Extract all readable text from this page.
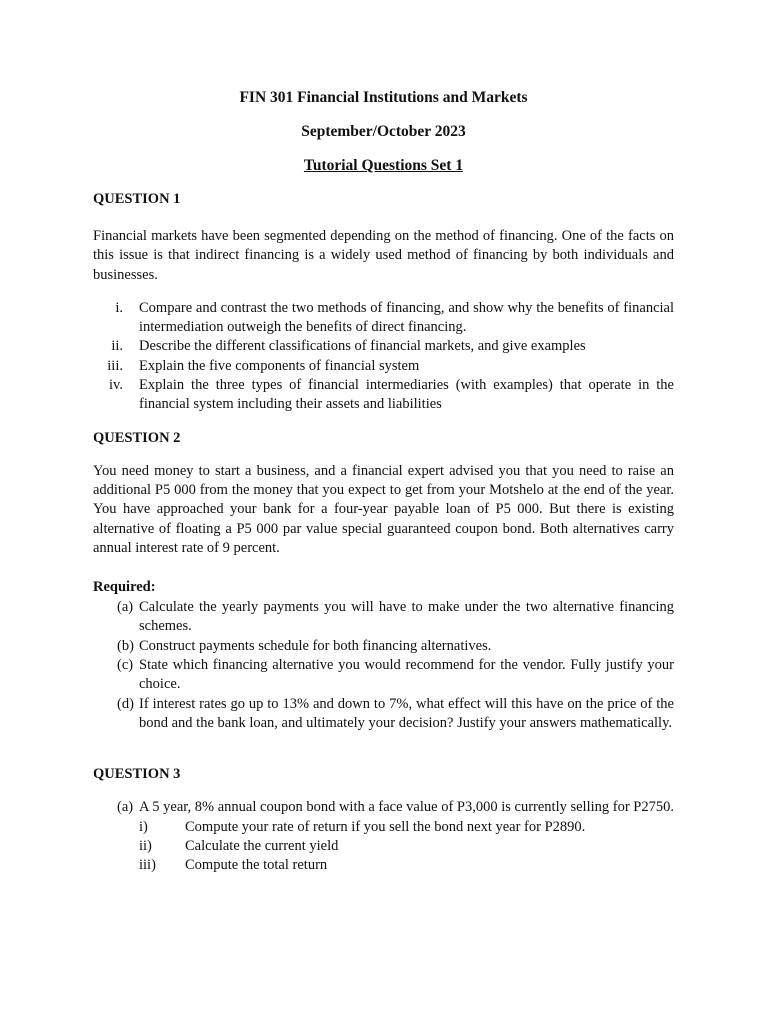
FIN 301 Financial Institutions and Markets

September/October 2023

Tutorial Questions Set 1

QUESTION 1

Financial markets have been segmented depending on the method of financing. One of the facts on this issue is that indirect financing is a widely used method of financing by both individuals and businesses.

i. Compare and contrast the two methods of financing, and show why the benefits of financial intermediation outweigh the benefits of direct financing.
ii. Describe the different classifications of financial markets, and give examples
iii. Explain the five components of financial system
iv. Explain the three types of financial intermediaries (with examples) that operate in the financial system including their assets and liabilities

QUESTION 2

You need money to start a business, and a financial expert advised you that you need to raise an additional P5 000 from the money that you expect to get from your Motshelo at the end of the year. You have approached your bank for a four-year payable loan of P5 000. But there is existing alternative of floating a P5 000 par value special guaranteed coupon bond. Both alternatives carry annual interest rate of 9 percent.

Required:

(a) Calculate the yearly payments you will have to make under the two alternative financing schemes.
(b) Construct payments schedule for both financing alternatives.
(c) State which financing alternative you would recommend for the vendor. Fully justify your choice.
(d) If interest rates go up to 13% and down to 7%, what effect will this have on the price of the bond and the bank loan, and ultimately your decision? Justify your answers mathematically.

QUESTION 3

(a) A 5 year, 8% annual coupon bond with a face value of P3,000 is currently selling for P2750.
i)	Compute your rate of return if you sell the bond next year for P2890.
ii)	Calculate the current yield
iii)	Compute the total return
